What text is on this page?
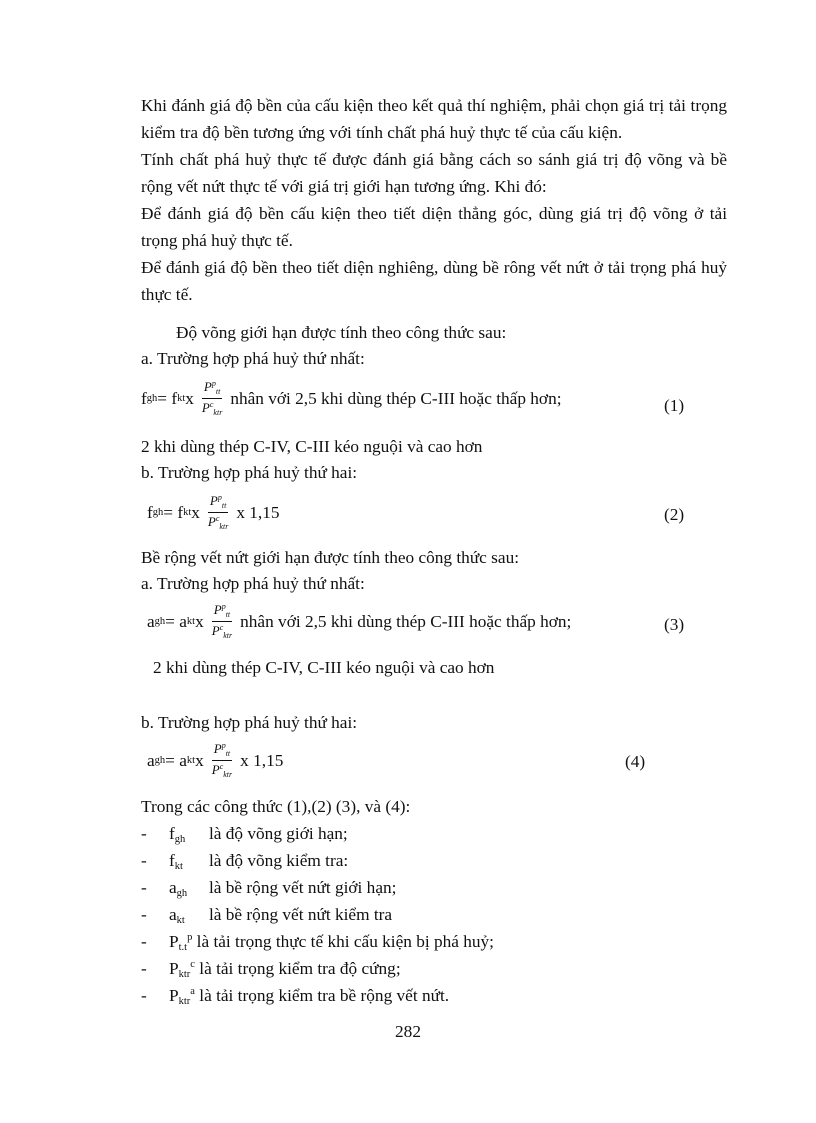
Khi đánh giá độ bền của cấu kiện theo kết quả thí nghiệm, phải chọn giá trị tải trọng kiểm tra độ bền tương ứng với tính chất phá huỷ thực tế của cấu kiện.

Tính chất phá huỷ thực tế được đánh giá bằng cách so sánh giá trị độ võng và bề rộng vết nứt thực tế với giá trị giới hạn tương ứng. Khi đó:

Để đánh giá độ bền cấu kiện theo tiết diện thẳng góc, dùng giá trị độ võng ở tải trọng phá huỷ thực tế.

Để đánh giá độ bền theo tiết diện nghiêng, dùng bề rông vết nứt ở tải trọng phá huỷ thực tế.

Độ võng giới hạn được tính theo công thức sau:

a. Trường hợp phá huỷ thứ nhất:

f gh = f kt x $\frac{P^p_{tt}}{P^c_{ktr}}$ nhân với 2,5 khi dùng thép C-III hoặc thấp hơn;	(1)

2 khi dùng thép C-IV, C-III kéo nguội và cao hơn

b. Trường hợp phá huỷ thứ hai:

f gh = f kt x $\frac{P^p_{tt}}{P^c_{ktr}}$ x 1,15	(2)

Bề rộng vết nứt giới hạn được tính theo công thức sau:

a. Trường hợp phá huỷ thứ nhất:

a gh = a kt x $\frac{P^p_{tt}}{P^c_{ktr}}$ nhân với 2,5 khi dùng thép C-III hoặc thấp hơn;	(3)

2 khi dùng thép C-IV, C-III kéo nguội và cao hơn

b. Trường hợp phá huỷ thứ hai:

a gh = a kt x $\frac{P^p_{tt}}{P^c_{ktr}}$ x 1,15	(4)

Trong các công thức (1),(2) (3), và (4):

- $f_{gh}$ là độ võng giới hạn;
- $f_{kt}$ là độ võng kiểm tra:
- $a_{gh}$ là bề rộng vết nứt giới hạn;
- $a_{kt}$ là bề rộng vết nứt kiểm tra
- $P_{t.t}^p$ là tải trọng thực tế khi cấu kiện bị phá huỷ;
- $P_{ktr}^c$ là tải trọng kiểm tra độ cứng;
- $P_{ktr}^a$ là tải trọng kiểm tra bề rộng vết nứt.
282
